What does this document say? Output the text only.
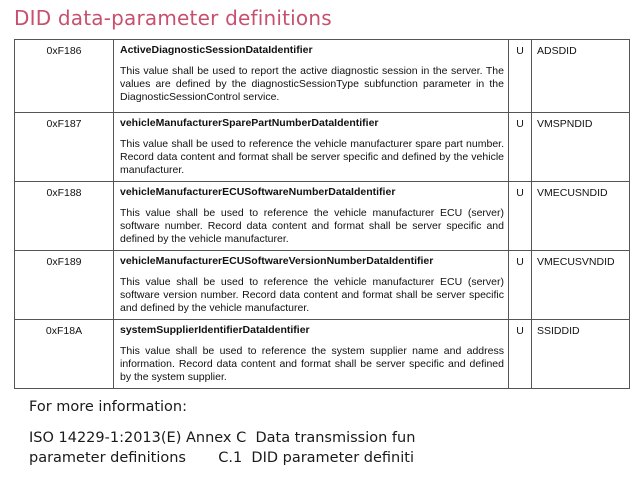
DID data-parameter definitions
0xF186	ActiveDiagnosticSessionDataIdentifier
This value shall be used to report the active diagnostic session in the server. The values are defined by the diagnosticSessionType subfunction parameter in the DiagnosticSessionControl service.	U	ADSDID
0xF187	vehicleManufacturerSparePartNumberDataIdentifier
This value shall be used to reference the vehicle manufacturer spare part number. Record data content and format shall be server specific and defined by the vehicle manufacturer.	U	VMSPNDID
0xF188	vehicleManufacturerECUSoftwareNumberDataIdentifier
This value shall be used to reference the vehicle manufacturer ECU (server) software number. Record data content and format shall be server specific and defined by the vehicle manufacturer.	U	VMECUSNDID
0xF189	vehicleManufacturerECUSoftwareVersionNumberDataIdentifier
This value shall be used to reference the vehicle manufacturer ECU (server) software version number. Record data content and format shall be server specific and defined by the vehicle manufacturer.	U	VMECUSVNDID
0xF18A	systemSupplierIdentifierDataIdentifier
This value shall be used to reference the system supplier name and address information. Record data content and format shall be server specific and defined by the system supplier.	U	SSIDDID
For more information:
ISO 14229-1:2013(E) Annex C  Data transmission fun
parameter definitions       C.1  DID parameter definiti
